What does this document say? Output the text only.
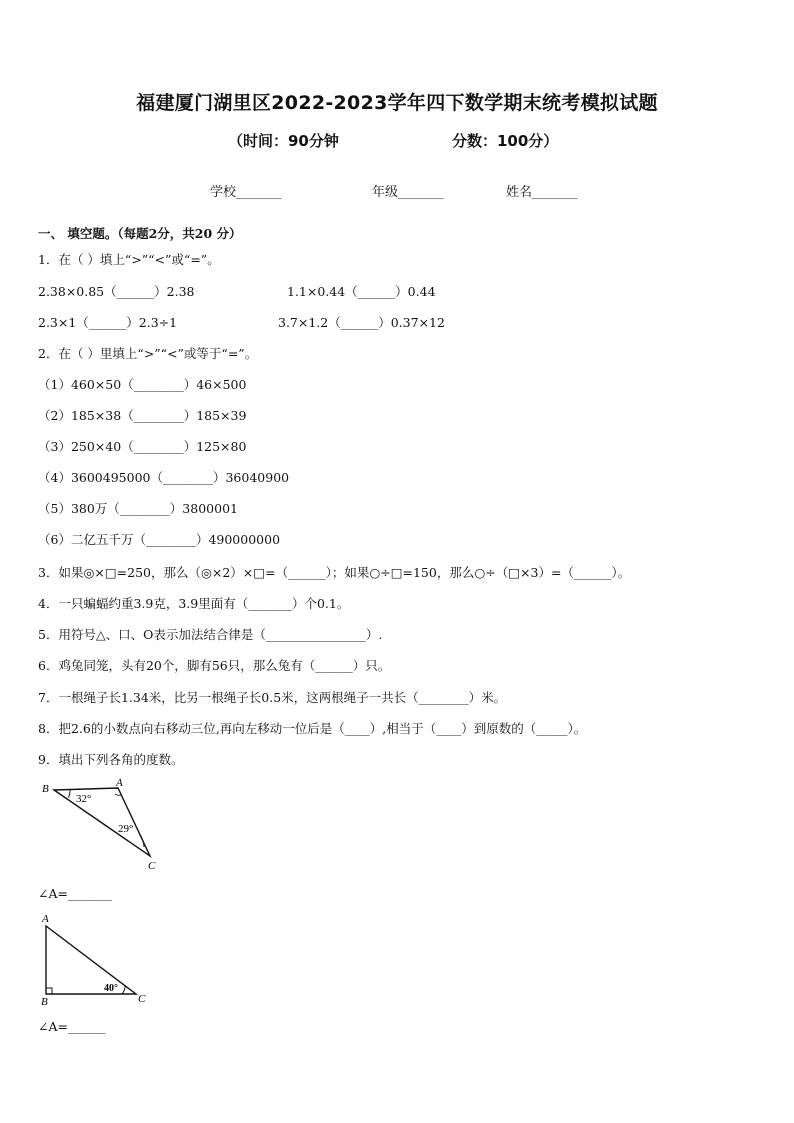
福建厦门湖里区2022-2023学年四下数学期末统考模拟试题
（时间：90分钟	分数：100分）
学校_______	年级_______	姓名_______
一、 填空题。（每题2分，共20 分）
1．在（ ）填上“>”“<”或“=”。
2.38×0.85（______）2.38	1.1×0.44（______）0.44
2.3×1（______）2.3÷1	3.7×1.2（______）0.37×12
2．在（ ）里填上“>”“<”或等于“=”。
（1）460×50（________）46×500
（2）185×38（________）185×39
（3）250×40（________）125×80
（4）3600495000（________）36040900
（5）380万（________）3800001
（6）二亿五千万（________）490000000
3．如果◎×□=250，那么（◎×2）×□=（______）；如果○÷□=150，那么○÷（□×3）=（______）。
4．一只蝙蝠约重3.9克，3.9里面有（_______）个0.1。
5．用符号△、口、O表示加法结合律是（________________）.
6．鸡兔同笼，头有20个，脚有56只，那么兔有（______）只。
7．一根绳子长1.34米，比另一根绳子长0.5米，这两根绳子一共长（________）米。
8．把2.6的小数点向右移动三位,再向左移动一位后是（____）,相当于（____）到原数的（_____）。
9．填出下列各角的度数。
B	A
C
32°
29°
∠A=_______
A
B	C
40°
∠A=______
